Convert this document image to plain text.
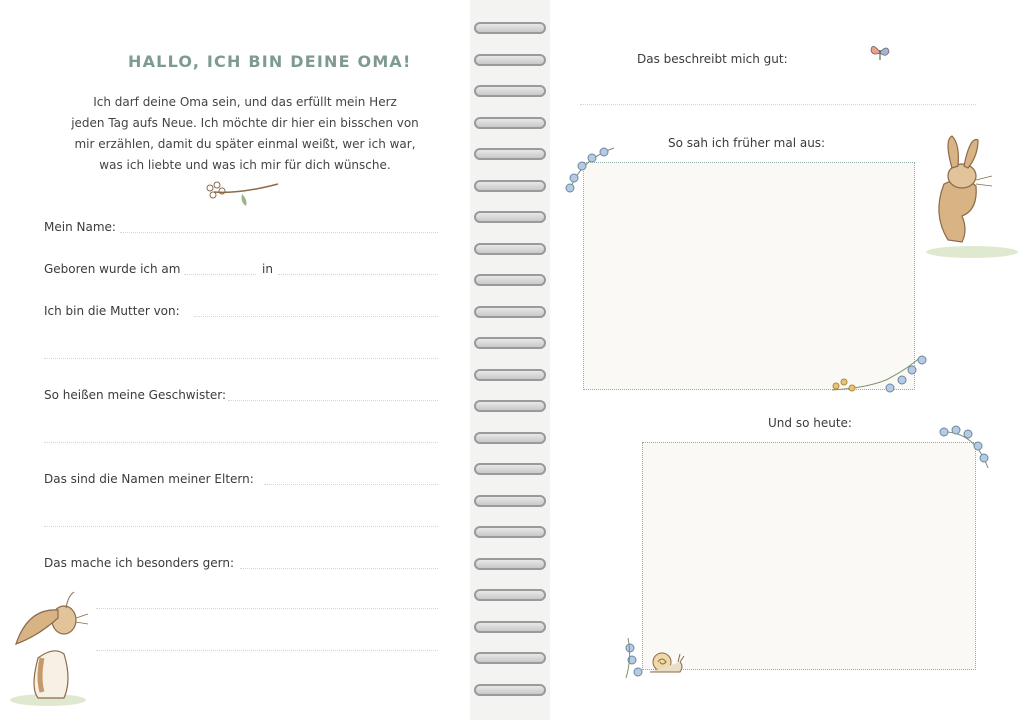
HALLO, ICH BIN DEINE OMA!

Ich darf deine Oma sein, und das erfüllt mein Herz
jeden Tag aufs Neue. Ich möchte dir hier ein bisschen von
mir erzählen, damit du später einmal weißt, wer ich war,
was ich liebte und was ich mir für dich wünsche.

Mein Name:
Geboren wurde ich am	in
Ich bin die Mutter von:
So heißen meine Geschwister:
Das sind die Namen meiner Eltern:
Das mache ich besonders gern:
Das beschreibt mich gut:
So sah ich früher mal aus:
Und so heute:
